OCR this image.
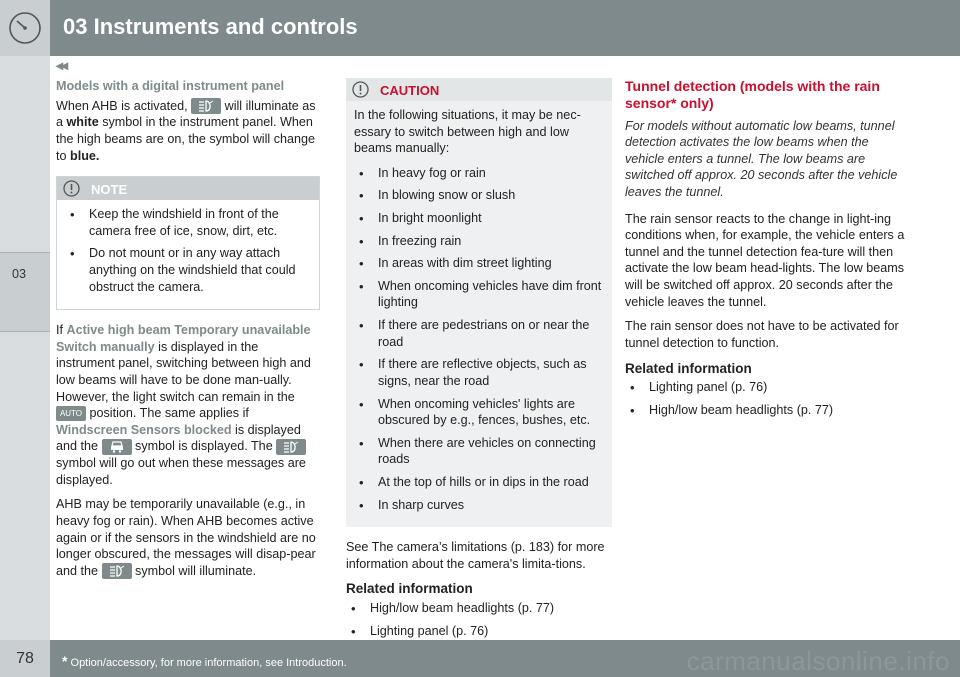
03 Instruments and controls
◂◂
03
Models with a digital instrument panel

When AHB is activated,
will illuminate as a white symbol in the instrument panel. When the high beams are on, the symbol will change to blue.

NOTE
• Keep the windshield in front of the camera free of ice, snow, dirt, etc.
• Do not mount or in any way attach anything on the windshield that could obstruct the camera.

If Active high beam Temporary unavailable Switch manually is displayed in the instrument panel, switching between high and low beams will have to be done man-ually. However, the light switch can remain in the AUTO position. The same applies if Windscreen Sensors blocked is displayed and the
symbol is displayed. The
symbol will go out when these messages are displayed.

AHB may be temporarily unavailable (e.g., in heavy fog or rain). When AHB becomes active again or if the sensors in the windshield are no longer obscured, the messages will disap-pear and the
symbol will illuminate.

CAUTION

In the following situations, it may be nec-essary to switch between high and low beams manually:

• In heavy fog or rain
• In blowing snow or slush
• In bright moonlight
• In freezing rain
• In areas with dim street lighting
• When oncoming vehicles have dim front lighting
• If there are pedestrians on or near the road
• If there are reflective objects, such as signs, near the road
• When oncoming vehicles' lights are obscured by e.g., fences, bushes, etc.
• When there are vehicles on connecting roads
• At the top of hills or in dips in the road
• In sharp curves

See The camera’s limitations (p. 183) for more information about the camera's limita-tions.

Related information
• High/low beam headlights (p. 77)
• Lighting panel (p. 76)
Tunnel detection (models with the rain sensor* only)

For models without automatic low beams, tunnel detection activates the low beams when the vehicle enters a tunnel. The low beams are switched off approx. 20 seconds after the vehicle leaves the tunnel.

The rain sensor reacts to the change in light-ing conditions when, for example, the vehicle enters a tunnel and the tunnel detection fea-ture will then activate the low beam head-lights. The low beams will be switched off approx. 20 seconds after the vehicle leaves the tunnel.

The rain sensor does not have to be activated for tunnel detection to function.

Related information
• Lighting panel (p. 76)
• High/low beam headlights (p. 77)
78	* Option/accessory, for more information, see Introduction.	carmanualsonline.info
